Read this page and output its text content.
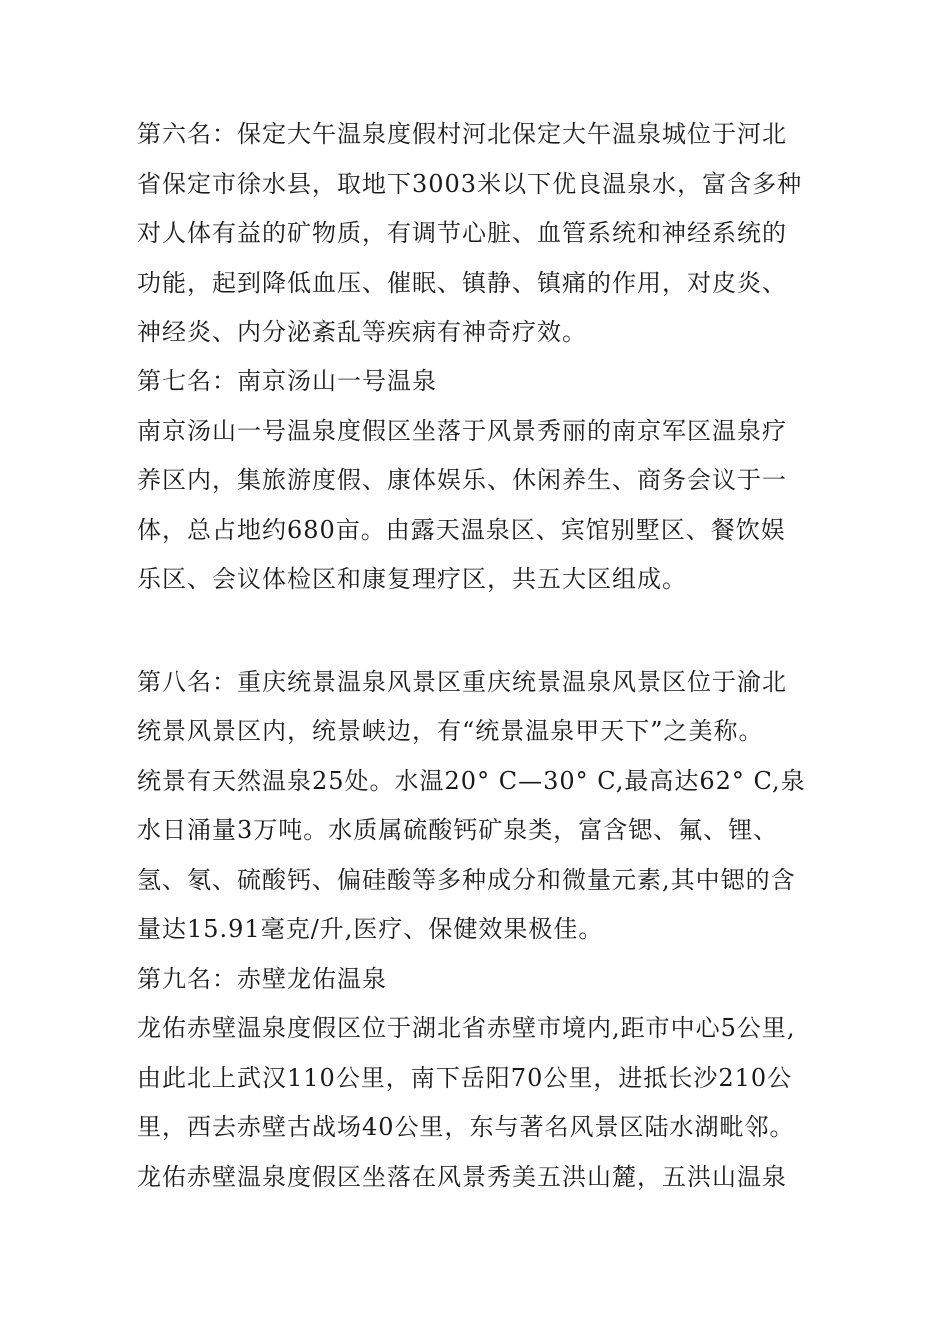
第六名：保定大午温泉度假村河北保定大午温泉城位于河北
省保定市徐水县，取地下3003米以下优良温泉水，富含多种
对人体有益的矿物质，有调节心脏、血管系统和神经系统的
功能，起到降低血压、催眠、镇静、镇痛的作用，对皮炎、
神经炎、内分泌紊乱等疾病有神奇疗效。
第七名：南京汤山一号温泉
南京汤山一号温泉度假区坐落于风景秀丽的南京军区温泉疗
养区内，集旅游度假、康体娱乐、休闲养生、商务会议于一
体，总占地约680亩。由露天温泉区、宾馆别墅区、餐饮娱
乐区、会议体检区和康复理疗区，共五大区组成。
第八名：重庆统景温泉风景区重庆统景温泉风景区位于渝北
统景风景区内，统景峡边，有“统景温泉甲天下”之美称。
统景有天然温泉25处。水温20° C—30° C,最高达62° C,泉
水日涌量3万吨。水质属硫酸钙矿泉类，富含锶、氟、锂、
氢、氡、硫酸钙、偏硅酸等多种成分和微量元素,其中锶的含
量达15.91毫克/升,医疗、保健效果极佳。
第九名：赤壁龙佑温泉
龙佑赤壁温泉度假区位于湖北省赤壁市境内,距市中心5公里,
由此北上武汉110公里，南下岳阳70公里，进抵长沙210公
里，西去赤壁古战场40公里，东与著名风景区陆水湖毗邻。
龙佑赤壁温泉度假区坐落在风景秀美五洪山麓，五洪山温泉
